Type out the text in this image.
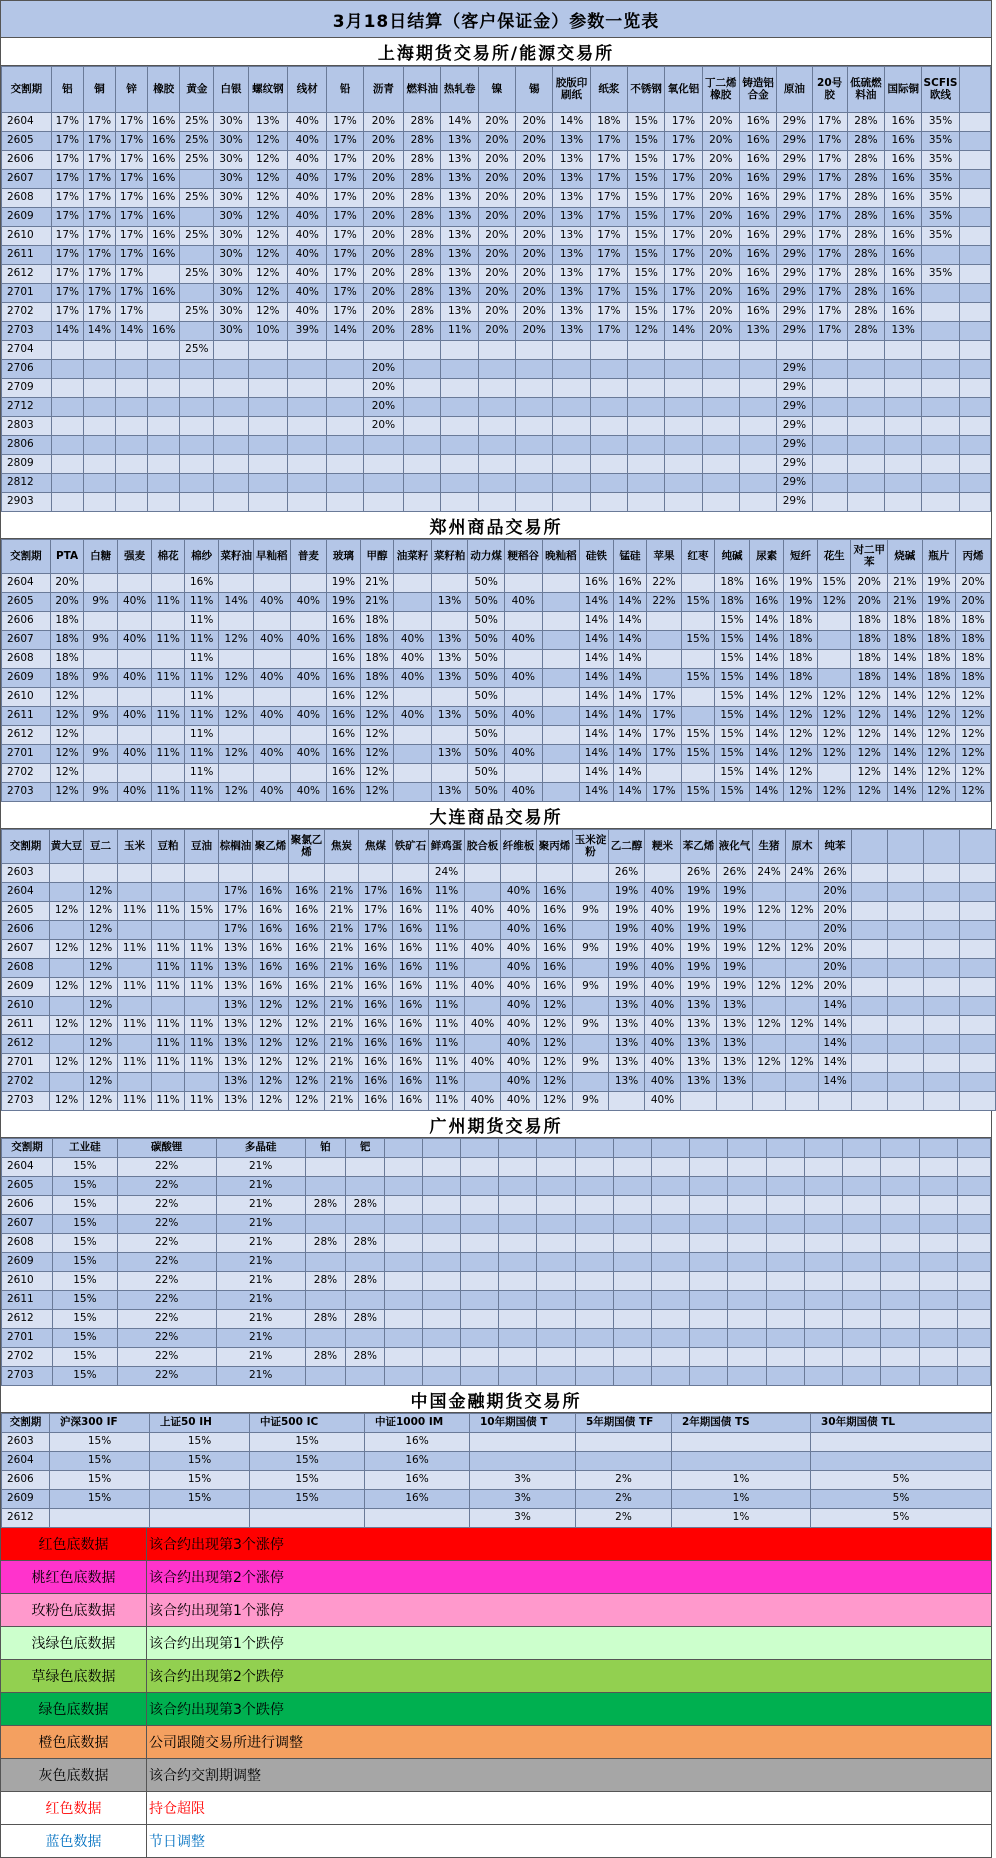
3月18日结算（客户保证金）参数一览表
上海期货交易所/能源交易所
交割期	铝	铜	锌	橡胶	黄金	白银	螺纹钢	线材	铅	沥青	燃料油	热轧卷	镍	锡	胶版印刷纸	纸浆	不锈钢	氧化铝	丁二烯橡胶	铸造铝合金	原油	20号胶	低硫燃料油	国际铜	SCFIS欧线	
2604	17%	17%	17%	16%	25%	30%	13%	40%	17%	20%	28%	14%	20%	20%	14%	18%	15%	17%	20%	16%	29%	17%	28%	16%	35%	
2605	17%	17%	17%	16%	25%	30%	12%	40%	17%	20%	28%	13%	20%	20%	13%	17%	15%	17%	20%	16%	29%	17%	28%	16%	35%	
2606	17%	17%	17%	16%	25%	30%	12%	40%	17%	20%	28%	13%	20%	20%	13%	17%	15%	17%	20%	16%	29%	17%	28%	16%	35%	
2607	17%	17%	17%	16%		30%	12%	40%	17%	20%	28%	13%	20%	20%	13%	17%	15%	17%	20%	16%	29%	17%	28%	16%	35%	
2608	17%	17%	17%	16%	25%	30%	12%	40%	17%	20%	28%	13%	20%	20%	13%	17%	15%	17%	20%	16%	29%	17%	28%	16%	35%	
2609	17%	17%	17%	16%		30%	12%	40%	17%	20%	28%	13%	20%	20%	13%	17%	15%	17%	20%	16%	29%	17%	28%	16%	35%	
2610	17%	17%	17%	16%	25%	30%	12%	40%	17%	20%	28%	13%	20%	20%	13%	17%	15%	17%	20%	16%	29%	17%	28%	16%	35%	
2611	17%	17%	17%	16%		30%	12%	40%	17%	20%	28%	13%	20%	20%	13%	17%	15%	17%	20%	16%	29%	17%	28%	16%		
2612	17%	17%	17%		25%	30%	12%	40%	17%	20%	28%	13%	20%	20%	13%	17%	15%	17%	20%	16%	29%	17%	28%	16%	35%	
2701	17%	17%	17%	16%		30%	12%	40%	17%	20%	28%	13%	20%	20%	13%	17%	15%	17%	20%	16%	29%	17%	28%	16%		
2702	17%	17%	17%		25%	30%	12%	40%	17%	20%	28%	13%	20%	20%	13%	17%	15%	17%	20%	16%	29%	17%	28%	16%		
2703	14%	14%	14%	16%		30%	10%	39%	14%	20%	28%	11%	20%	20%	13%	17%	12%	14%	20%	13%	29%	17%	28%	13%		
2704					25%																					
2706										20%											29%					
2709										20%											29%					
2712										20%											29%					
2803										20%											29%					
2806																					29%					
2809																					29%					
2812																					29%					
2903																					29%					
郑州商品交易所
交割期	PTA	白糖	强麦	棉花	棉纱	菜籽油	早籼稻	普麦	玻璃	甲醇	油菜籽	菜籽粕	动力煤	粳稻谷	晚籼稻	硅铁	锰硅	苹果	红枣	纯碱	尿素	短纤	花生	对二甲苯	烧碱	瓶片	丙烯
2604	20%				16%				19%	21%			50%			16%	16%	22%		18%	16%	19%	15%	20%	21%	19%	20%
2605	20%	9%	40%	11%	11%	14%	40%	40%	19%	21%		13%	50%	40%		14%	14%	22%	15%	18%	16%	19%	12%	20%	21%	19%	20%
2606	18%				11%				16%	18%			50%			14%	14%			15%	14%	18%		18%	18%	18%	18%
2607	18%	9%	40%	11%	11%	12%	40%	40%	16%	18%	40%	13%	50%	40%		14%	14%		15%	15%	14%	18%		18%	18%	18%	18%
2608	18%				11%				16%	18%	40%	13%	50%			14%	14%			15%	14%	18%		18%	14%	18%	18%
2609	18%	9%	40%	11%	11%	12%	40%	40%	16%	18%	40%	13%	50%	40%		14%	14%		15%	15%	14%	18%		18%	14%	18%	18%
2610	12%				11%				16%	12%			50%			14%	14%	17%		15%	14%	12%	12%	12%	14%	12%	12%
2611	12%	9%	40%	11%	11%	12%	40%	40%	16%	12%	40%	13%	50%	40%		14%	14%	17%		15%	14%	12%	12%	12%	14%	12%	12%
2612	12%				11%				16%	12%			50%			14%	14%	17%	15%	15%	14%	12%	12%	12%	14%	12%	12%
2701	12%	9%	40%	11%	11%	12%	40%	40%	16%	12%		13%	50%	40%		14%	14%	17%	15%	15%	14%	12%	12%	12%	14%	12%	12%
2702	12%				11%				16%	12%			50%			14%	14%			15%	14%	12%		12%	14%	12%	12%
2703	12%	9%	40%	11%	11%	12%	40%	40%	16%	12%		13%	50%	40%		14%	14%	17%	15%	15%	14%	12%	12%	12%	14%	12%	12%
大连商品交易所
交割期	黄大豆	豆二	玉米	豆粕	豆油	棕榈油	聚乙烯	聚氯乙烯	焦炭	焦煤	铁矿石	鲜鸡蛋	胶合板	纤维板	聚丙烯	玉米淀粉	乙二醇	粳米	苯乙烯	液化气	生猪	原木	纯苯				
2603												24%					26%		26%	26%	24%	24%	26%				
2604		12%				17%	16%	16%	21%	17%	16%	11%		40%	16%		19%	40%	19%	19%			20%				
2605	12%	12%	11%	11%	15%	17%	16%	16%	21%	17%	16%	11%	40%	40%	16%	9%	19%	40%	19%	19%	12%	12%	20%				
2606		12%				17%	16%	16%	21%	17%	16%	11%		40%	16%		19%	40%	19%	19%			20%				
2607	12%	12%	11%	11%	11%	13%	16%	16%	21%	16%	16%	11%	40%	40%	16%	9%	19%	40%	19%	19%	12%	12%	20%				
2608		12%		11%	11%	13%	16%	16%	21%	16%	16%	11%		40%	16%		19%	40%	19%	19%			20%				
2609	12%	12%	11%	11%	11%	13%	16%	16%	21%	16%	16%	11%	40%	40%	16%	9%	19%	40%	19%	19%	12%	12%	20%				
2610		12%				13%	12%	12%	21%	16%	16%	11%		40%	12%		13%	40%	13%	13%			14%				
2611	12%	12%	11%	11%	11%	13%	12%	12%	21%	16%	16%	11%	40%	40%	12%	9%	13%	40%	13%	13%	12%	12%	14%				
2612		12%		11%	11%	13%	12%	12%	21%	16%	16%	11%		40%	12%		13%	40%	13%	13%			14%				
2701	12%	12%	11%	11%	11%	13%	12%	12%	21%	16%	16%	11%	40%	40%	12%	9%	13%	40%	13%	13%	12%	12%	14%				
2702		12%				13%	12%	12%	21%	16%	16%	11%		40%	12%		13%	40%	13%	13%			14%				
2703	12%	12%	11%	11%	11%	13%	12%	12%	21%	16%	16%	11%	40%	40%	12%	9%		40%									
广州期货交易所
交割期	工业硅	碳酸锂	多晶硅	铂	钯																
2604	15%	22%	21%																		
2605	15%	22%	21%																		
2606	15%	22%	21%	28%	28%																
2607	15%	22%	21%																		
2608	15%	22%	21%	28%	28%																
2609	15%	22%	21%																		
2610	15%	22%	21%	28%	28%																
2611	15%	22%	21%																		
2612	15%	22%	21%	28%	28%																
2701	15%	22%	21%																		
2702	15%	22%	21%	28%	28%																
2703	15%	22%	21%																		
中国金融期货交易所
交割期	沪深300 IF	上证50 IH	中证500 IC	中证1000 IM	10年期国债 T	5年期国债 TF	2年期国债 TS	30年期国债 TL
2603	15%	15%	15%	16%				
2604	15%	15%	15%	16%				
2606	15%	15%	15%	16%	3%	2%	1%	5%
2609	15%	15%	15%	16%	3%	2%	1%	5%
2612					3%	2%	1%	5%
红色底数据	该合约出现第3个涨停
桃红色底数据	该合约出现第2个涨停
玫粉色底数据	该合约出现第1个涨停
浅绿色底数据	该合约出现第1个跌停
草绿色底数据	该合约出现第2个跌停
绿色底数据	该合约出现第3个跌停
橙色底数据	公司跟随交易所进行调整
灰色底数据	该合约交割期调整
红色数据	持仓超限
蓝色数据	节日调整
